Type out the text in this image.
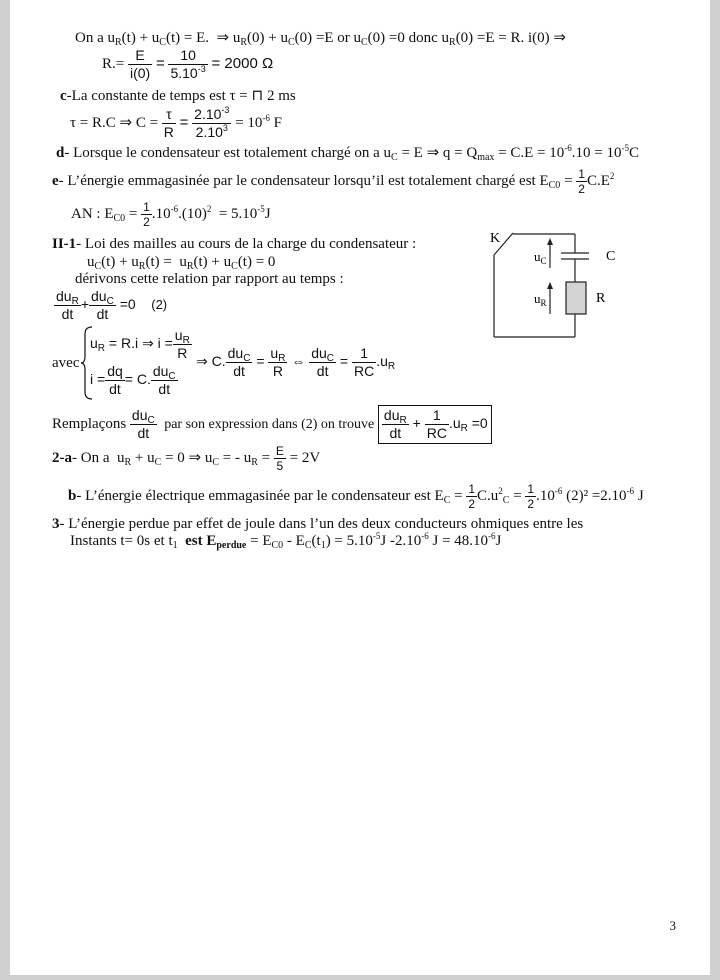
On a $u_R(t) + u_C(t) = E$.  ⇒ $u_R(0) + u_C(0) =E$ or $u_C(0) =0$ donc $u_R(0) =E = R$. i(0) ⇒
$R.= \frac{E}{i(0)} = \frac{10}{5.10^{-3}} = 2000$ Ω
c-La constante de temps est τ = ⊓ 2 ms
τ = R.C ⇒ $C = \frac{\tau}{R} = \frac{2.10^{-3}}{2.10^3} = 10^{-6}$ F
d- Lorsque le condensateur est totalement chargé on a $u_C = E$ ⇒ $q = Q_{max} = C.E = 10^{-6}.10 = 10^{-5}C$
e- L’énergie emmagasinée par le condensateur lorsqu’il est totalement chargé est $E_{C0} = \frac{1}{2} C.E^2$
AN : $E_{C0} = \frac{1}{2} .10^{-6}.(10)^2 = 5.10^{-5}J$
II-1- Loi des mailles au cours de la charge du condensateur :
$u_C(t) + u_R(t) = u_R(t) + u_C(t) = 0$
dérivons cette relation par rapport au temps :
$\frac{du_R}{dt} + \frac{du_C}{dt} =0$ (2)
avec
$u_R = R.i$ ⇒ $i = \frac{u_R}{R}$
$i = \frac{dq}{dt} = C$. $\frac{du_C}{dt}$
⇒ C. $\frac{du_C}{dt} = \frac{u_R}{R}$ ⇔ $\frac{du_C}{dt} = \frac{1}{RC} .u_R$
Remplaçons $\frac{du_C}{dt}$ par son expression dans (2) on trouve $\frac{du_R}{dt} + \frac{1}{RC} .u_R =0$
2-a- On a  $u_R + u_C = 0$ ⇒ $u_C$ = - $u_R = \frac{E}{5} = 2V$
b- L’énergie électrique emmagasinée par le condensateur est $E_C = \frac{1}{2} C.u^2_C = \frac{1}{2} .10^{-6}$ $(2)^2 =2.10^{-6}$ J
3- L’énergie perdue par effet de joule dans l’un des deux conducteurs ohmiques entre les
Instants t= 0s et $t_1$ est $E_{perdue} = E_{C0} - E_C(t_1) = 5.10^{-5}J$ $-2.10^{-6}$ $J = 48.10^{-6}J$
K
C
R
$u_C$
$u_R$
3
